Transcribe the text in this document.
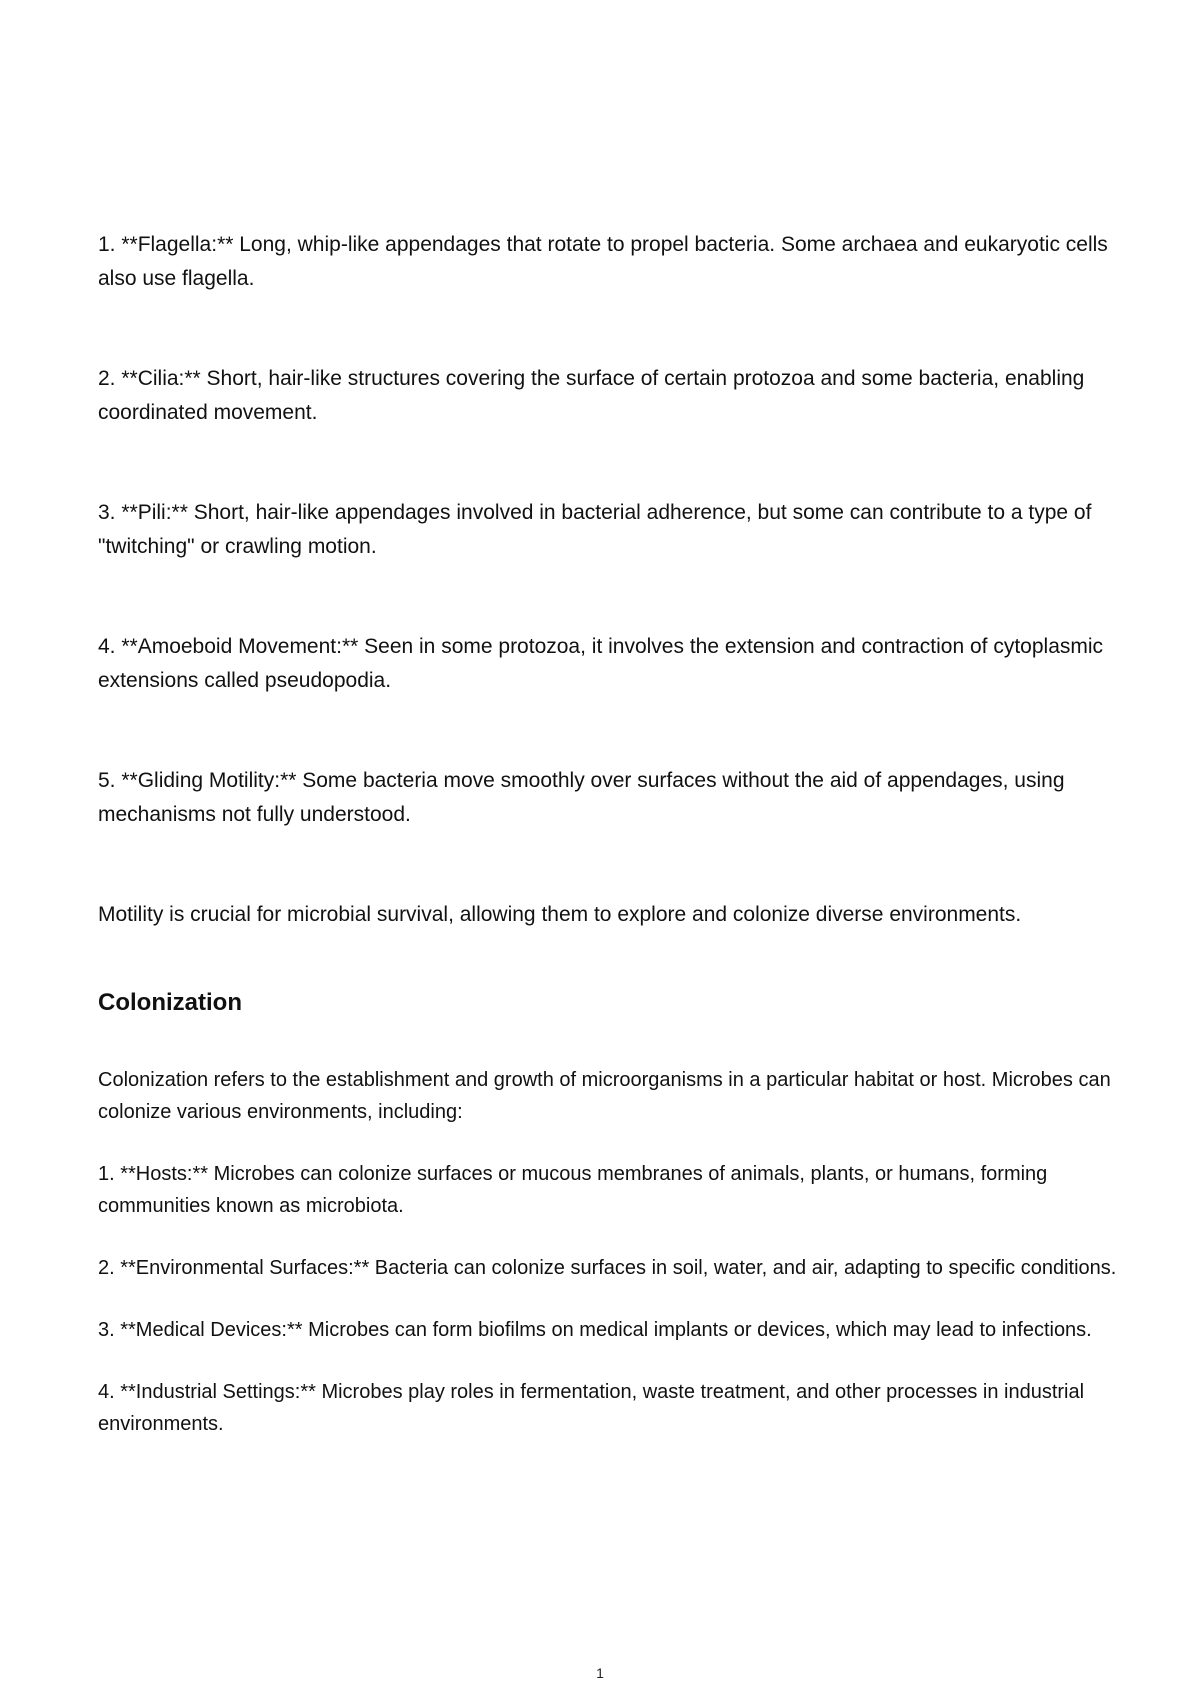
1. **Flagella:** Long, whip-like appendages that rotate to propel bacteria. Some archaea and eukaryotic cells also use flagella.

2. **Cilia:** Short, hair-like structures covering the surface of certain protozoa and some bacteria, enabling coordinated movement.

3. **Pili:** Short, hair-like appendages involved in bacterial adherence, but some can contribute to a type of "twitching" or crawling motion.

4. **Amoeboid Movement:** Seen in some protozoa, it involves the extension and contraction of cytoplasmic extensions called pseudopodia.

5. **Gliding Motility:** Some bacteria move smoothly over surfaces without the aid of appendages, using mechanisms not fully understood.

Motility is crucial for microbial survival, allowing them to explore and colonize diverse environments.

Colonization

Colonization refers to the establishment and growth of microorganisms in a particular habitat or host. Microbes can colonize various environments, including:

1. **Hosts:** Microbes can colonize surfaces or mucous membranes of animals, plants, or humans, forming communities known as microbiota.

2. **Environmental Surfaces:** Bacteria can colonize surfaces in soil, water, and air, adapting to specific conditions.

3. **Medical Devices:** Microbes can form biofilms on medical implants or devices, which may lead to infections.

4. **Industrial Settings:** Microbes play roles in fermentation, waste treatment, and other processes in industrial environments.

1
